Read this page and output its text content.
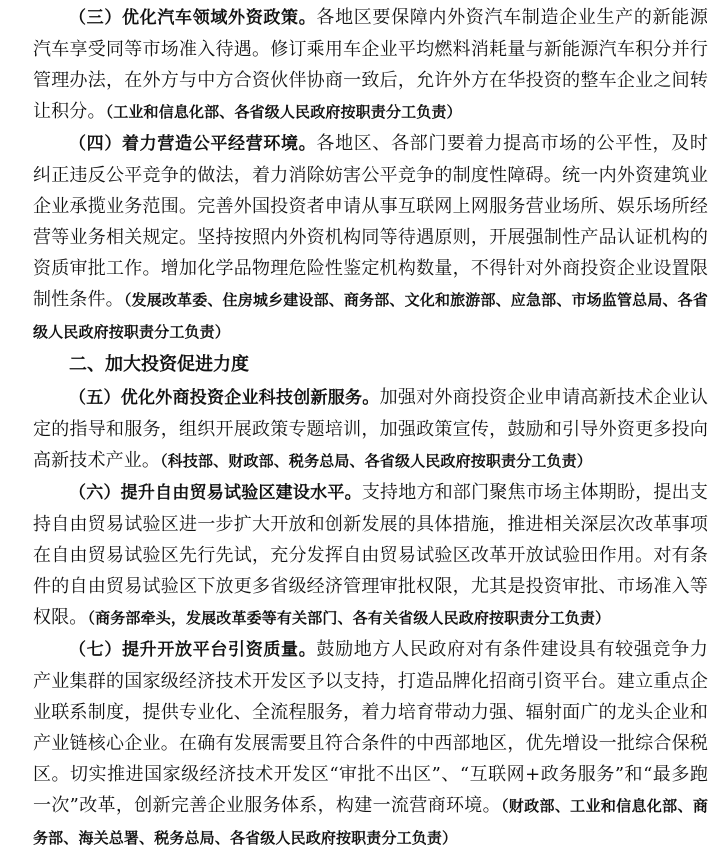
（三）优化汽车领域外资政策。各地区要保障内外资汽车制造企业生产的新能源汽车享受同等市场准入待遇。修订乘用车企业平均燃料消耗量与新能源汽车积分并行管理办法，在外方与中方合资伙伴协商一致后，允许外方在华投资的整车企业之间转让积分。（工业和信息化部、各省级人民政府按职责分工负责）

（四）着力营造公平经营环境。各地区、各部门要着力提高市场的公平性，及时纠正违反公平竞争的做法，着力消除妨害公平竞争的制度性障碍。统一内外资建筑业企业承揽业务范围。完善外国投资者申请从事互联网上网服务营业场所、娱乐场所经营等业务相关规定。坚持按照内外资机构同等待遇原则，开展强制性产品认证机构的资质审批工作。增加化学品物理危险性鉴定机构数量，不得针对外商投资企业设置限制性条件。（发展改革委、住房城乡建设部、商务部、文化和旅游部、应急部、市场监管总局、各省级人民政府按职责分工负责）

二、加大投资促进力度

（五）优化外商投资企业科技创新服务。加强对外商投资企业申请高新技术企业认定的指导和服务，组织开展政策专题培训，加强政策宣传，鼓励和引导外资更多投向高新技术产业。（科技部、财政部、税务总局、各省级人民政府按职责分工负责）

（六）提升自由贸易试验区建设水平。支持地方和部门聚焦市场主体期盼，提出支持自由贸易试验区进一步扩大开放和创新发展的具体措施，推进相关深层次改革事项在自由贸易试验区先行先试，充分发挥自由贸易试验区改革开放试验田作用。对有条件的自由贸易试验区下放更多省级经济管理审批权限，尤其是投资审批、市场准入等权限。（商务部牵头，发展改革委等有关部门、各有关省级人民政府按职责分工负责）

（七）提升开放平台引资质量。鼓励地方人民政府对有条件建设具有较强竞争力产业集群的国家级经济技术开发区予以支持，打造品牌化招商引资平台。建立重点企业联系制度，提供专业化、全流程服务，着力培育带动力强、辐射面广的龙头企业和产业链核心企业。在确有发展需要且符合条件的中西部地区，优先增设一批综合保税区。切实推进国家级经济技术开发区“审批不出区”、“互联网+政务服务”和“最多跑一次”改革，创新完善企业服务体系，构建一流营商环境。（财政部、工业和信息化部、商务部、海关总署、税务总局、各省级人民政府按职责分工负责）
